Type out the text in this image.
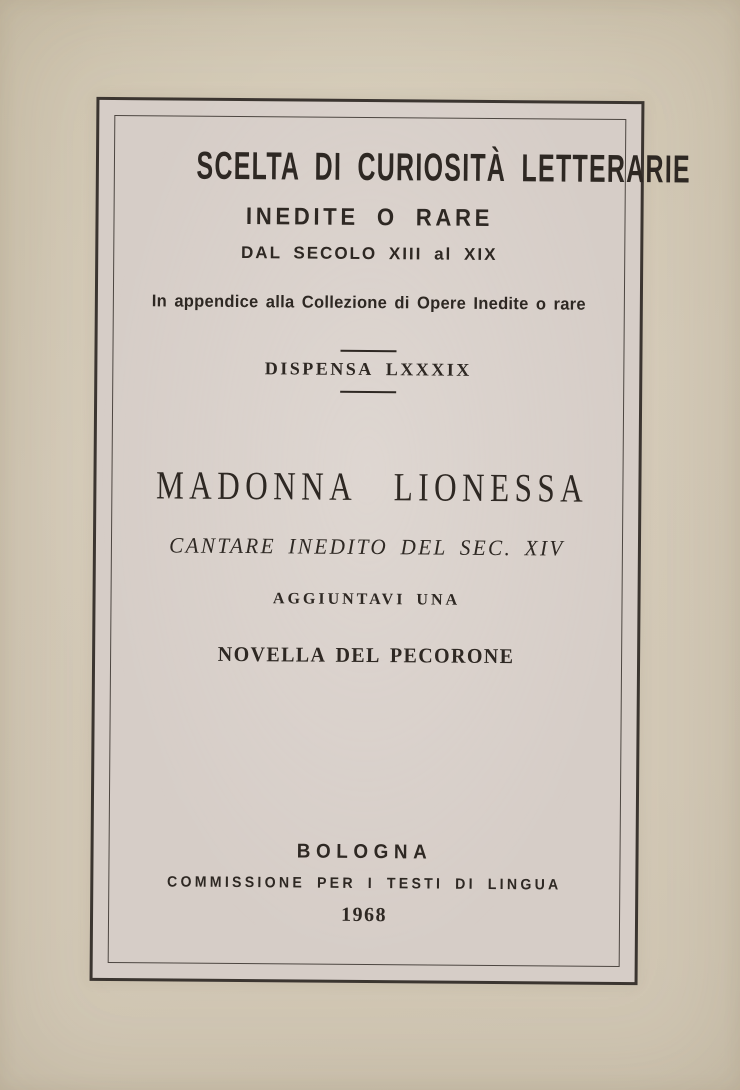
SCELTA DI CURIOSITÀ LETTERARIE
INEDITE O RARE
DAL SECOLO XIII al XIX
In appendice alla Collezione di Opere Inedite o rare
DISPENSA LXXXIX
MADONNA LIONESSA
CANTARE INEDITO DEL SEC. XIV
AGGIUNTAVI UNA
NOVELLA DEL PECORONE
BOLOGNA
COMMISSIONE PER I TESTI DI LINGUA
1968
